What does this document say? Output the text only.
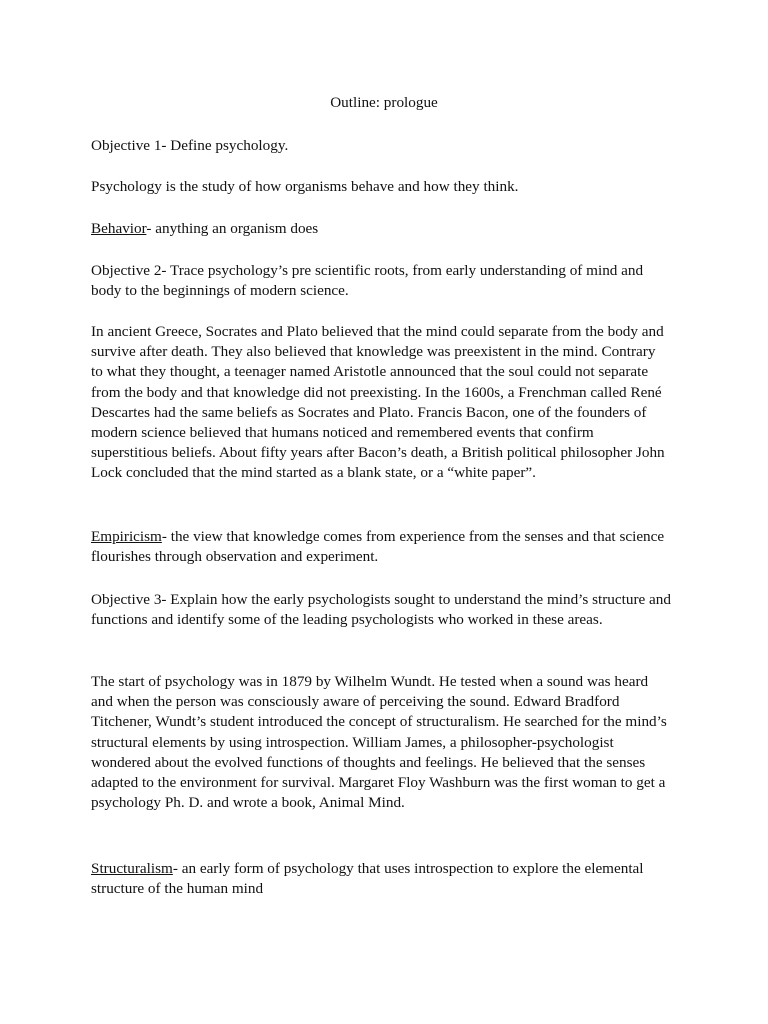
Outline: prologue

Objective 1- Define psychology.

Psychology is the study of how organisms behave and how they think.

Behavior- anything an organism does

Objective 2- Trace psychology’s pre scientific roots, from early understanding of mind and body to the beginnings of modern science.

In ancient Greece, Socrates and Plato believed that the mind could separate from the body and survive after death. They also believed that knowledge was preexistent in the mind. Contrary to what they thought, a teenager named Aristotle announced that the soul could not separate from the body and that knowledge did not preexisting. In the 1600s, a Frenchman called René Descartes had the same beliefs as Socrates and Plato. Francis Bacon, one of the founders of modern science believed that humans noticed and remembered events that confirm superstitious beliefs. About fifty years after Bacon’s death, a British political philosopher John Lock concluded that the mind started as a blank state, or a “white paper”.

Empiricism- the view that knowledge comes from experience from the senses and that science flourishes through observation and experiment.

Objective 3- Explain how the early psychologists sought to understand the mind’s structure and functions and identify some of the leading psychologists who worked in these areas.

The start of psychology was in 1879 by Wilhelm Wundt. He tested when a sound was heard and when the person was consciously aware of perceiving the sound. Edward Bradford Titchener, Wundt’s student introduced the concept of structuralism. He searched for the mind’s structural elements by using introspection. William James, a philosopher-psychologist wondered about the evolved functions of thoughts and feelings. He believed that the senses adapted to the environment for survival. Margaret Floy Washburn was the first woman to get a psychology Ph. D. and wrote a book, Animal Mind.

Structuralism- an early form of psychology that uses introspection to explore the elemental structure of the human mind
